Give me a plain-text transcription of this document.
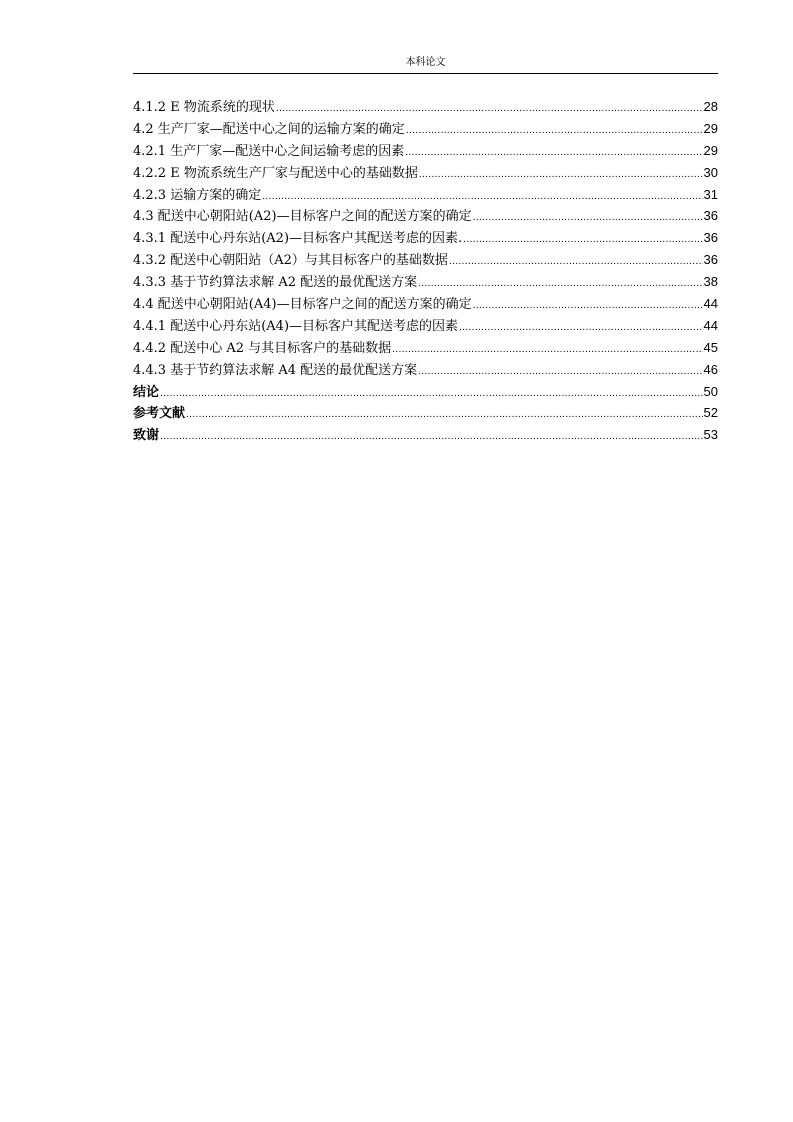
本科论文
4.1.2 E 物流系统的现状 .....	28
4.2 生产厂家—配送中心之间的运输方案的确定 .....	29
4.2.1 生产厂家—配送中心之间运输考虑的因素 .....	29
4.2.2 E 物流系统生产厂家与配送中心的基础数据 .....	30
4.2.3 运输方案的确定 .....	31
4.3 配送中心朝阳站(A2)—目标客户之间的配送方案的确定 .....	36
4.3.1 配送中心丹东站(A2)—目标客户其配送考虑的因素. .....	36
4.3.2 配送中心朝阳站（A2）与其目标客户的基础数据 .....	36
4.3.3 基于节约算法求解 A2 配送的最优配送方案 .....	38
4.4 配送中心朝阳站(A4)—目标客户之间的配送方案的确定 .....	44
4.4.1 配送中心丹东站(A4)—目标客户其配送考虑的因素 .....	44
4.4.2 配送中心 A2 与其目标客户的基础数据 .....	45
4.4.3 基于节约算法求解 A4 配送的最优配送方案 .....	46
结论 .....	50
参考文献 .....	52
致谢 .....	53
